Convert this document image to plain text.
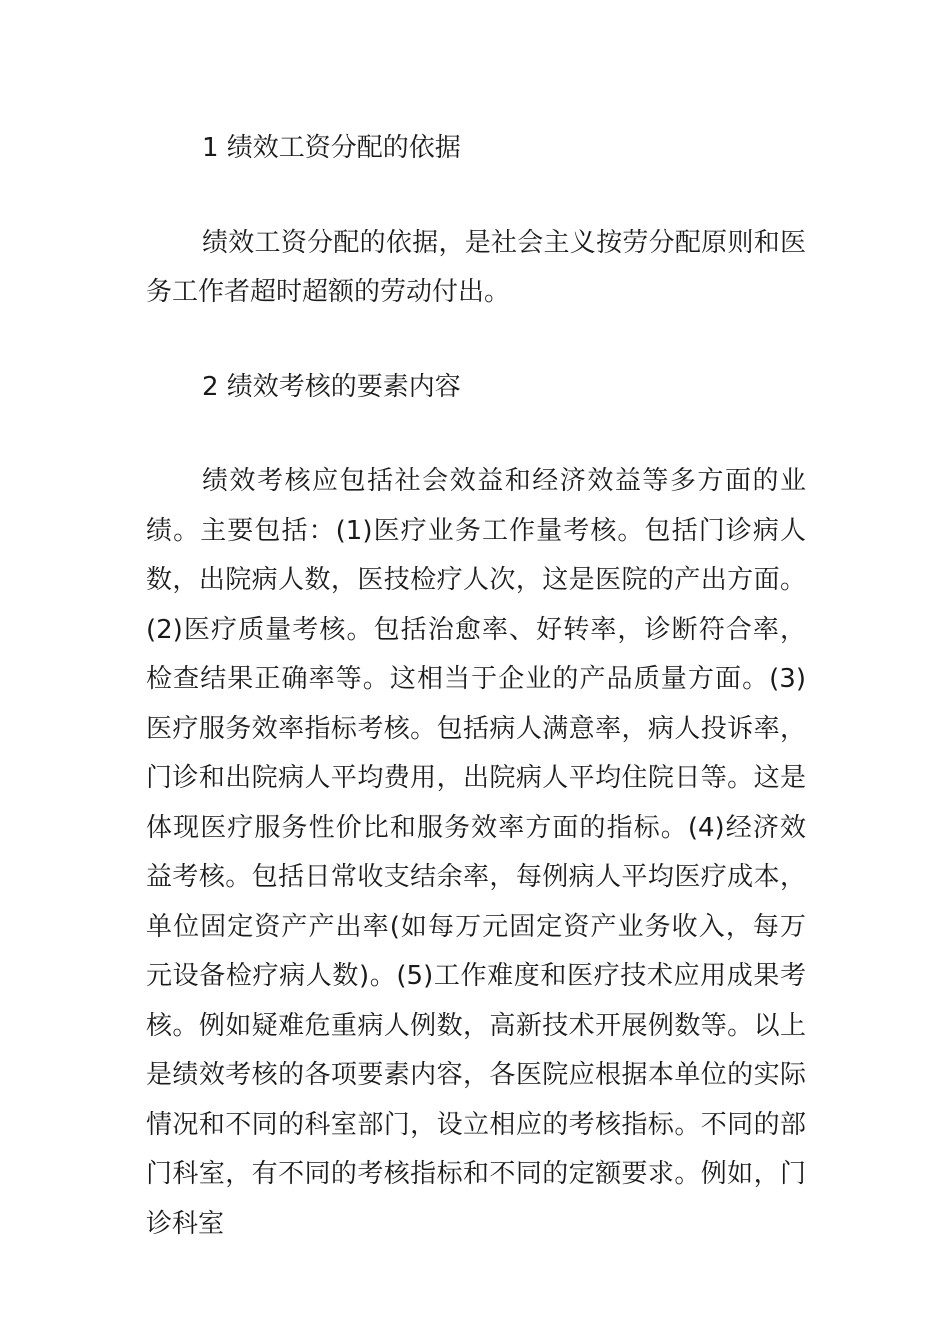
1 绩效工资分配的依据

绩效工资分配的依据，是社会主义按劳分配原则和医务工作者超时超额的劳动付出。

2 绩效考核的要素内容

绩效考核应包括社会效益和经济效益等多方面的业绩。主要包括：(1)医疗业务工作量考核。包括门诊病人数，出院病人数，医技检疗人次，这是医院的产出方面。(2)医疗质量考核。包括治愈率、好转率，诊断符合率，检查结果正确率等。这相当于企业的产品质量方面。(3)医疗服务效率指标考核。包括病人满意率，病人投诉率，门诊和出院病人平均费用，出院病人平均住院日等。这是体现医疗服务性价比和服务效率方面的指标。(4)经济效益考核。包括日常收支结余率，每例病人平均医疗成本，单位固定资产产出率(如每万元固定资产业务收入，每万元设备检疗病人数)。(5)工作难度和医疗技术应用成果考核。例如疑难危重病人例数，高新技术开展例数等。以上是绩效考核的各项要素内容，各医院应根据本单位的实际情况和不同的科室部门，设立相应的考核指标。不同的部门科室，有不同的考核指标和不同的定额要求。例如，门诊科室
